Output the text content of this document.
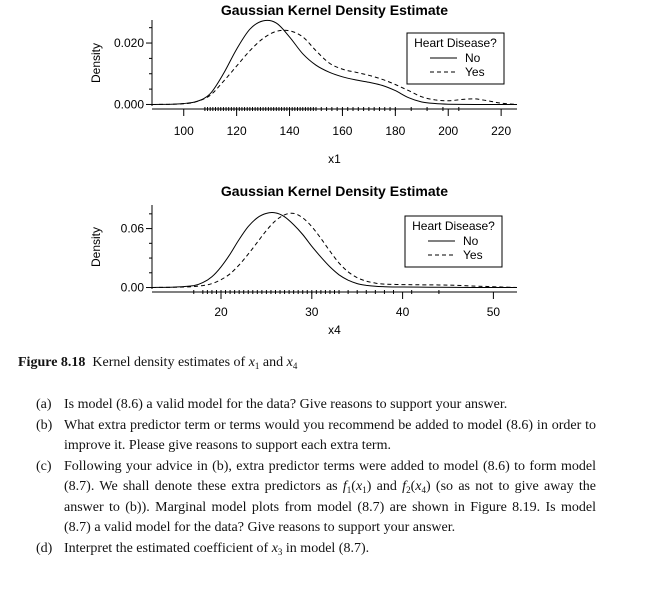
Gaussian Kernel Density Estimate
0.000
0.020
Density
100	120	140	160	180	200	220
x1
Heart Disease?
No
Yes
Gaussian Kernel Density Estimate
0.00
0.06
Density
20	30	40	50
x4
Heart Disease?
No
Yes
Figure 8.18 Kernel density estimates of $x_1$ and $x_4$
(a) Is model (8.6) a valid model for the data? Give reasons to support your answer.
(b) What extra predictor term or terms would you recommend be added to model (8.6) in order to improve it. Please give reasons to support each extra term.
(c) Following your advice in (b), extra predictor terms were added to model (8.6) to form model (8.7). We shall denote these extra predictors as $f_1(x_1)$ and $f_2(x_4)$ (so as not to give away the answer to (b)). Marginal model plots from model (8.7) are shown in Figure 8.19. Is model (8.7) a valid model for the data? Give reasons to support your answer.
(d) Interpret the estimated coefficient of $x_3$ in model (8.7).
